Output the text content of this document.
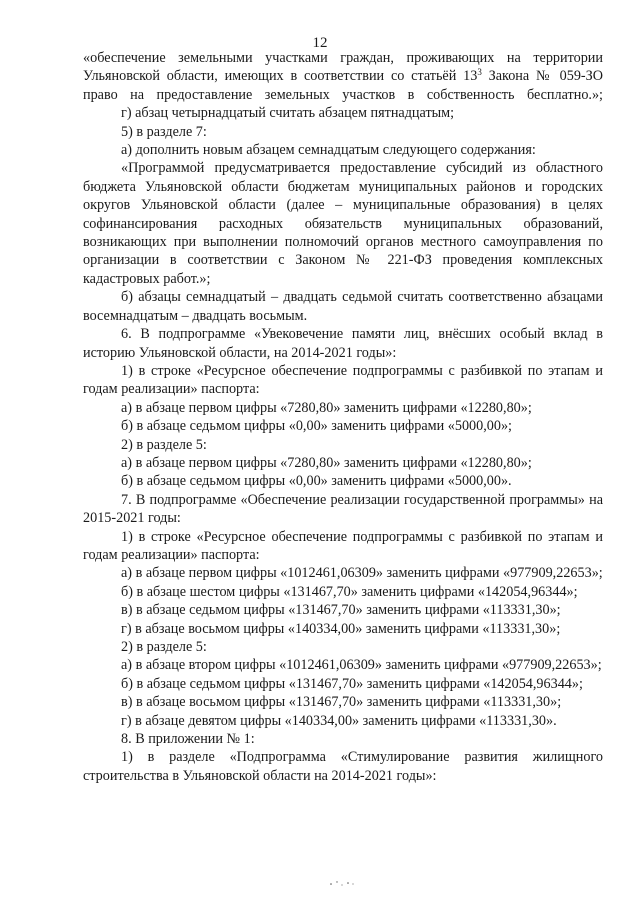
12

«обеспечение земельными участками граждан, проживающих на территории Ульяновской области, имеющих в соответствии со статьёй $13^3$ Закона № 059-ЗО право на предоставление земельных участков в собственность бесплатно.»;

г) абзац четырнадцатый считать абзацем пятнадцатым;

5) в разделе 7:

а) дополнить новым абзацем семнадцатым следующего содержания:

«Программой предусматривается предоставление субсидий из областного бюджета Ульяновской области бюджетам муниципальных районов и городских округов Ульяновской области (далее – муниципальные образования) в целях софинансирования расходных обязательств муниципальных образований, возникающих при выполнении полномочий органов местного самоуправления по организации в соответствии с Законом № 221-ФЗ проведения комплексных кадастровых работ.»;

б) абзацы семнадцатый – двадцать седьмой считать соответственно абзацами восемнадцатым – двадцать восьмым.

6. В подпрограмме «Увековечение памяти лиц, внёсших особый вклад в историю Ульяновской области, на 2014-2021 годы»:

1) в строке «Ресурсное обеспечение подпрограммы с разбивкой по этапам и годам реализации» паспорта:

а) в абзаце первом цифры «7280,80» заменить цифрами «12280,80»;

б) в абзаце седьмом цифры «0,00» заменить цифрами «5000,00»;

2) в разделе 5:

а) в абзаце первом цифры «7280,80» заменить цифрами «12280,80»;

б) в абзаце седьмом цифры «0,00» заменить цифрами «5000,00».

7. В подпрограмме «Обеспечение реализации государственной программы» на 2015-2021 годы:

1) в строке «Ресурсное обеспечение подпрограммы с разбивкой по этапам и годам реализации» паспорта:

а) в абзаце первом цифры «1012461,06309» заменить цифрами «977909,22653»;

б) в абзаце шестом цифры «131467,70» заменить цифрами «142054,96344»;

в) в абзаце седьмом цифры «131467,70» заменить цифрами «113331,30»;

г) в абзаце восьмом цифры «140334,00» заменить цифрами «113331,30»;

2) в разделе 5:

а) в абзаце втором цифры «1012461,06309» заменить цифрами «977909,22653»;

б) в абзаце седьмом цифры «131467,70» заменить цифрами «142054,96344»;

в) в абзаце восьмом цифры «131467,70» заменить цифрами «113331,30»;

г) в абзаце девятом цифры «140334,00» заменить цифрами «113331,30».

8. В приложении № 1:

1) в разделе «Подпрограмма «Стимулирование развития жилищного строительства в Ульяновской области на 2014-2021 годы»:
